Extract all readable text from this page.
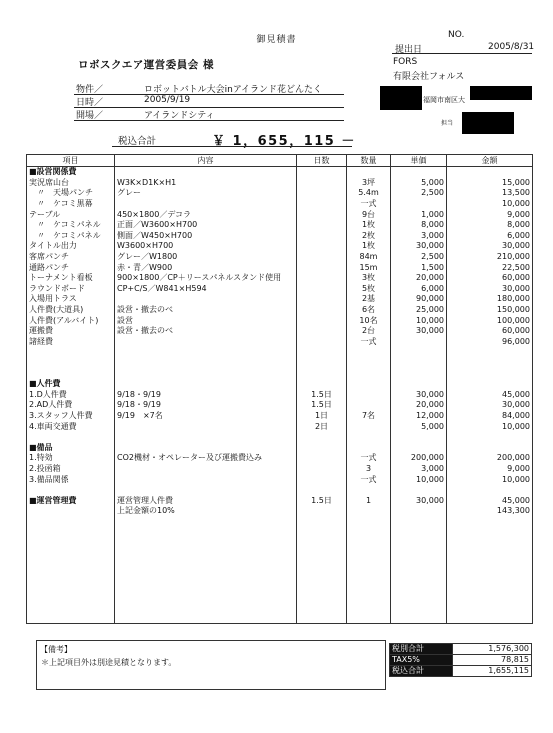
御見積書	NO.
提出日	2005/8/31
ロボスクエア運営委員会 様	FORS
有限会社フォルス
福岡市南区大
担当
物件／	ロボットバトル大会inアイランド花どんたく
日時／	2005/9/19
開場／	アイランドシティ
税込合計	￥ 1，655，115 －
項目	内容	日数	数量	単価	金額
■設営関係費					
実況席山台	W3K×D1K×H1		3坪	5,000	15,000
　〃　天場パンチ	グレー		5.4m	2,500	13,500
　〃　ケコミ黒幕			一式		10,000
テーブル	450×1800／デコラ		9台	1,000	9,000
　〃　ケコミパネル	正面／W3600×H700		1枚	8,000	8,000
　〃　ケコミパネル	側面／W450×H700		2枚	3,000	6,000
タイトル出力	W3600×H700		1枚	30,000	30,000
客席パンチ	グレー／W1800		84m	2,500	210,000
通路パンチ	赤・青／W900		15m	1,500	22,500
トーナメント看板	900×1800／CP＋リースパネルスタンド使用		3枚	20,000	60,000
ラウンドボード	CP+C/S／W841×H594		5枚	6,000	30,000
入場用トラス			2基	90,000	180,000
人件費(大道具)	設営・撤去のべ		6名	25,000	150,000
人件費(アルバイト)	設営		10名	10,000	100,000
運搬費	設営・撤去のべ		2台	30,000	60,000
諸経費			一式		96,000

■人件費					
1.D人件費	9/18・9/19	1.5日		30,000	45,000
2.AD人件費	9/18・9/19	1.5日		20,000	30,000
3.スタッフ人件費	9/19　×7名	1日	7名	12,000	84,000
4.車両交通費		2日		5,000	10,000

■備品					
1.特効	CO2機材・オペレーター及び運搬費込み		一式	200,000	200,000
2.投函箱			3	3,000	9,000
3.備品関係			一式	10,000	10,000

■運営管理費	運営管理人件費	1.5日	1	30,000	45,000
	上記金額の10%				143,300

【備考】
＊上記項目外は別途見積となります。
税別合計	1,576,300
TAX5%	78,815
税込合計	1,655,115
